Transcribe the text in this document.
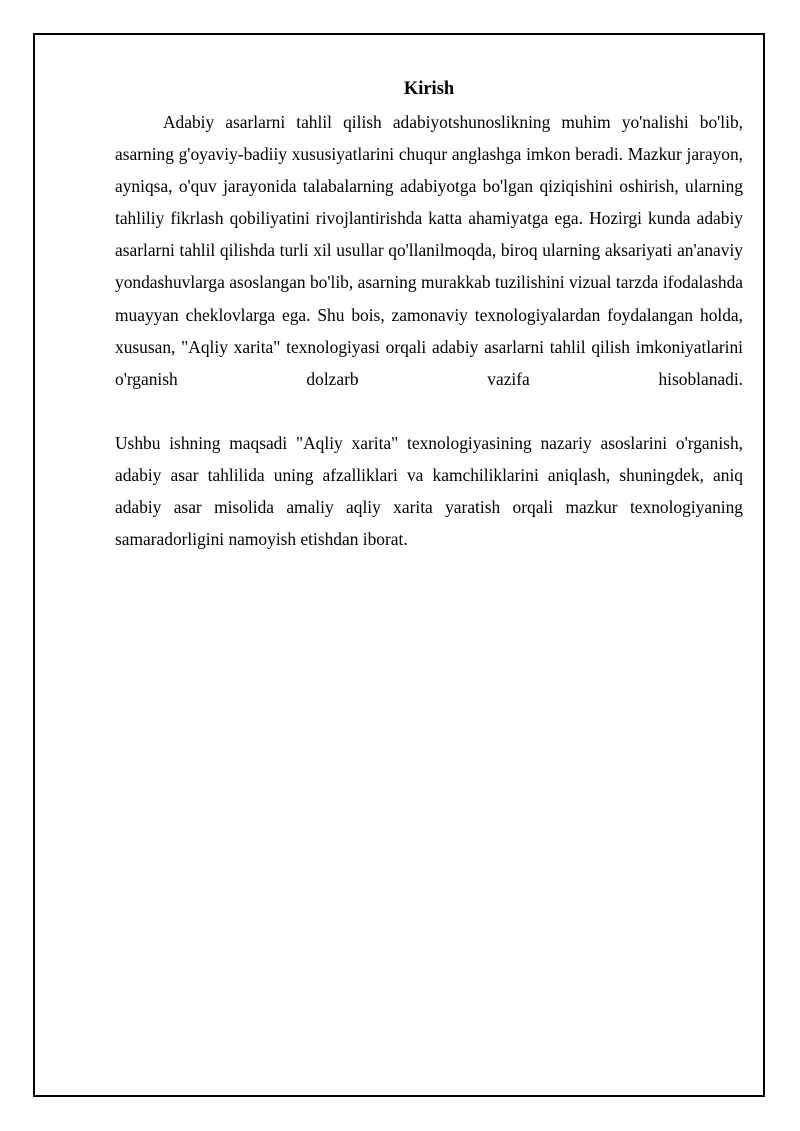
Kirish

Adabiy asarlarni tahlil qilish adabiyotshunoslikning muhim yo'nalishi bo'lib, asarning g'oyaviy-badiiy xususiyatlarini chuqur anglashga imkon beradi. Mazkur jarayon, ayniqsa, o'quv jarayonida talabalarning adabiyotga bo'lgan qiziqishini oshirish, ularning tahliliy fikrlash qobiliyatini rivojlantirishda katta ahamiyatga ega. Hozirgi kunda adabiy asarlarni tahlil qilishda turli xil usullar qo'llanilmoqda, biroq ularning aksariyati an'anaviy yondashuvlarga asoslangan bo'lib, asarning murakkab tuzilishini vizual tarzda ifodalashda muayyan cheklovlarga ega. Shu bois, zamonaviy texnologiyalardan foydalangan holda, xususan, "Aqliy xarita" texnologiyasi orqali adabiy asarlarni tahlil qilish imkoniyatlarini o'rganish dolzarb vazifa hisoblanadi.

Ushbu ishning maqsadi "Aqliy xarita" texnologiyasining nazariy asoslarini o'rganish, adabiy asar tahlilida uning afzalliklari va kamchiliklarini aniqlash, shuningdek, aniq adabiy asar misolida amaliy aqliy xarita yaratish orqali mazkur texnologiyaning samaradorligini namoyish etishdan iborat.
